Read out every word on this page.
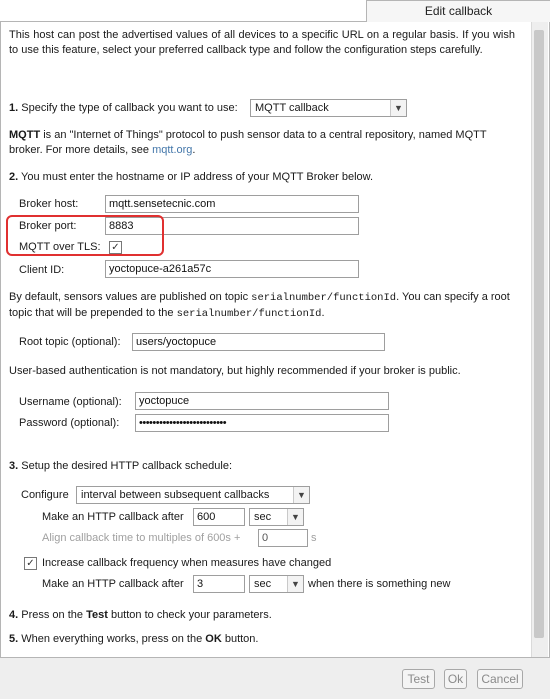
Edit callback

This host can post the advertised values of all devices to a specific URL on a regular basis. If you wish to use this feature, select your preferred callback type and follow the configuration steps carefully.

1. Specify the type of callback you want to use:	MQTT callback	▼

MQTT is an "Internet of Things" protocol to push sensor data to a central repository, named MQTT broker. For more details, see mqtt.org.

2. You must enter the hostname or IP address of your MQTT Broker below.
Broker host:
mqtt.sensetecnic.com
Broker port:
8883
MQTT over TLS: ✓
Client ID:
yoctopuce-a261a57c

By default, sensors values are published on topic serialnumber/functionId. You can specify a root topic that will be prepended to the serialnumber/functionId.

Root topic (optional):
users/yoctopuce
User-based authentication is not mandatory, but highly recommended if your broker is public.
Username (optional):
yoctopuce
Password (optional):
••••••••••••••••••••••••••
3. Setup the desired HTTP callback schedule:
Configure	interval between subsequent callbacks	▼
Make an HTTP callback after
600	sec	▼
Align callback time to multiples of 600s +
0	s
✓ Increase callback frequency when measures have changed
Make an HTTP callback after
3	sec	▼ when there is something new
4. Press on the Test button to check your parameters.
5. When everything works, press on the OK button.
Test	Ok	Cancel
